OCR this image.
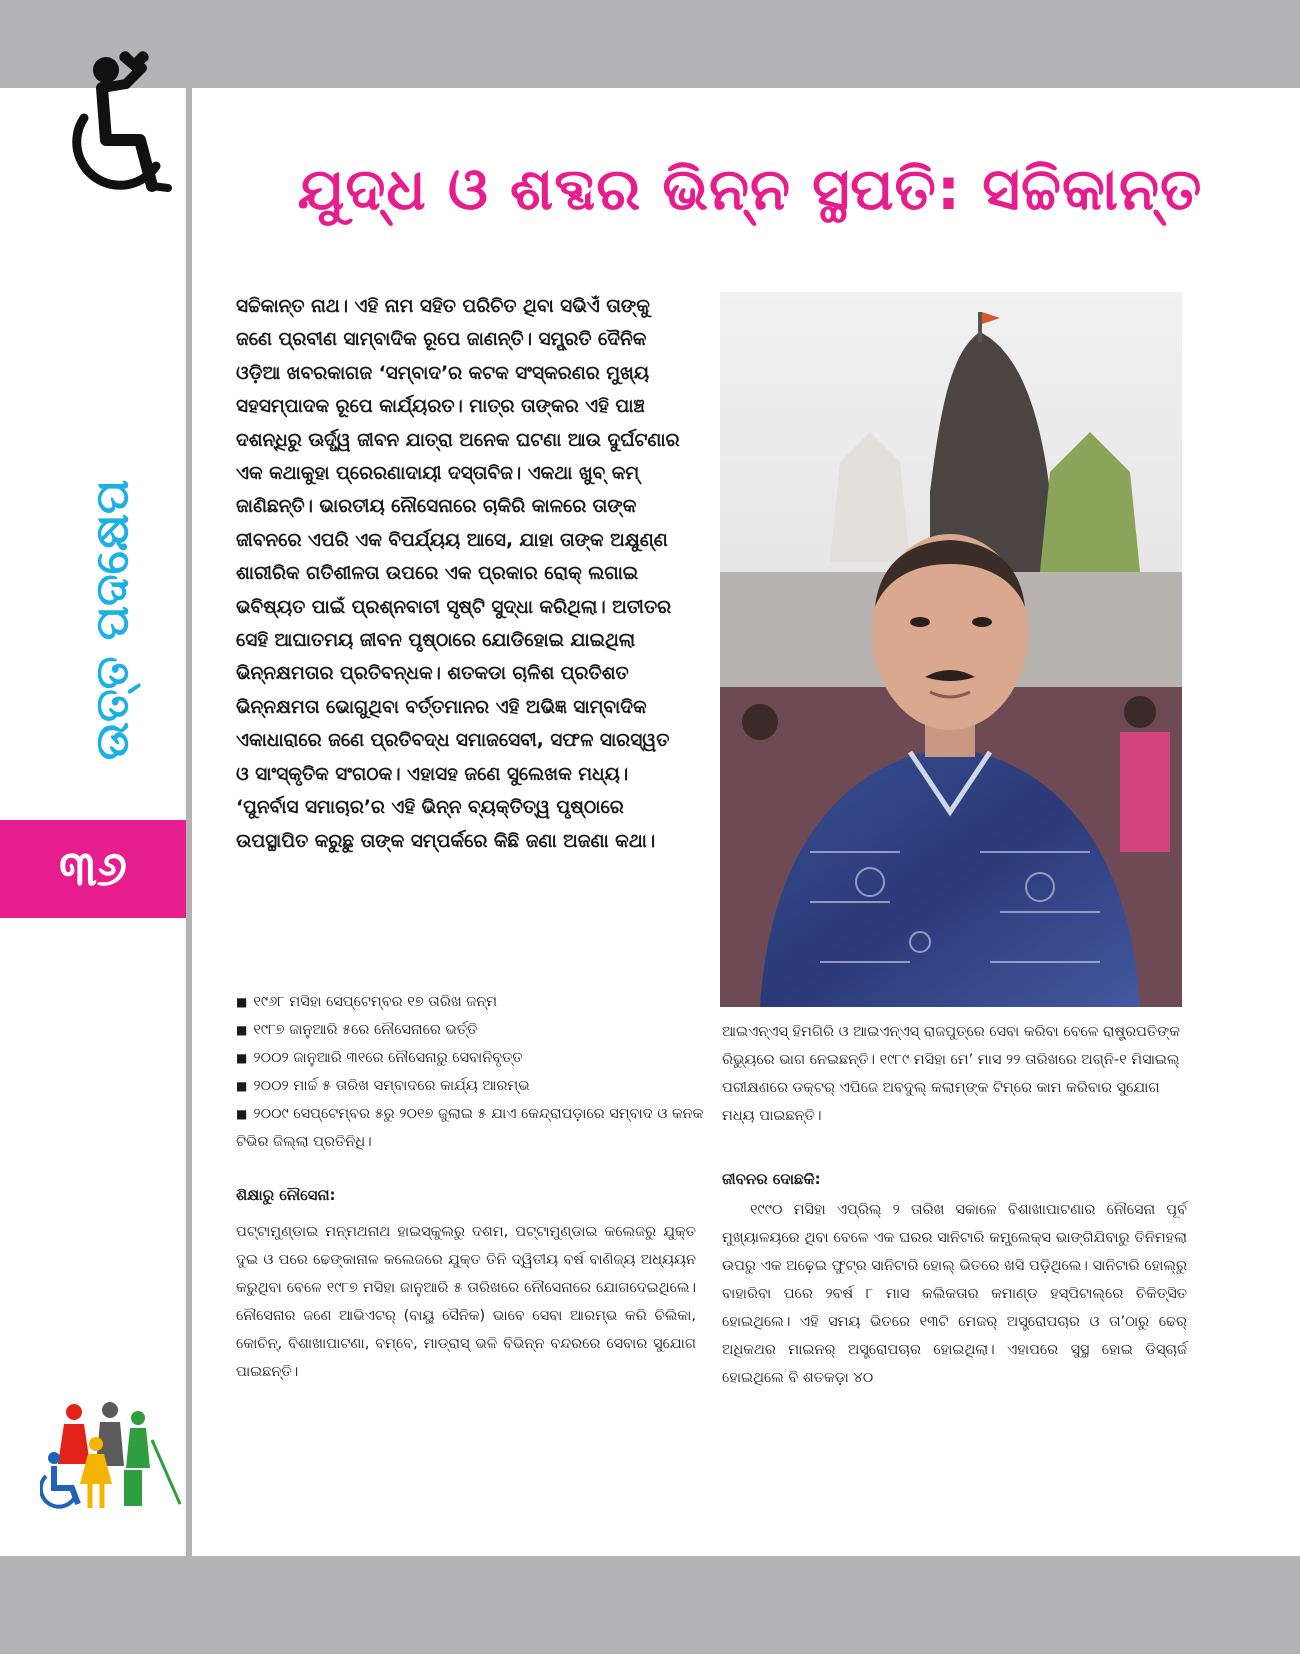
ଉତ୍ତ ପଦକ୍ଷେପ
୩୬
ଯୁଦ୍ଧ ଓ ଶବ୍ଦର ଭିନ୍ନ ସ୍ଥପତି: ସଚ୍ଚିକାନ୍ତ

ସଚ୍ଚିକାନ୍ତ ନାଥ। ଏହି ନାମ ସହିତ ପରିଚିତ ଥିବା ସଭିଏଁ ତାଙ୍କୁ ଜଣେ ପ୍ରବୀଣ ସାମ୍ବାଦିକ ରୂପେ ଜାଣନ୍ତି। ସମ୍ପ୍ରତି ଦୈନିକ ଓଡ଼ିଆ ଖବରକାଗଜ ‘ସମ୍ବାଦ’ର କଟକ ସଂସ୍କରଣର ମୁଖ୍ୟ ସହସମ୍ପାଦକ ରୂପେ କାର୍ଯ୍ୟରତ। ମାତ୍ର ତାଙ୍କର ଏହି ପାଞ୍ଚ ଦଶନ୍ଧିରୁ ଊର୍ଦ୍ଧ୍ୱ ଜୀବନ ଯାତ୍ରା ଅନେକ ଘଟଣା ଆଉ ଦୁର୍ଘଟଣାର ଏକ କଥାକୁହା ପ୍ରେରଣାଦାୟୀ ଦସ୍ତାବିଜ। ଏକଥା ଖୁବ୍ କମ୍ ଜାଣିଛନ୍ତି। ଭାରତୀୟ ନୌସେନାରେ ଚାକିରି କାଳରେ ତାଙ୍କ ଜୀବନରେ ଏପରି ଏକ ବିପର୍ଯ୍ୟୟ ଆସେ, ଯାହା ତାଙ୍କ ଅକ୍ଷୁଣ୍ଣ ଶାରୀରିକ ଗତିଶୀଳତା ଉପରେ ଏକ ପ୍ରକାର ରୋକ୍ ଲଗାଇ ଭବିଷ୍ୟତ ପାଇଁ ପ୍ରଶ୍ନବାଚୀ ସୃଷ୍ଟି ସୁଦ୍ଧା କରିଥିଲା। ଅତୀତର ସେହି ଆଘାତମୟ ଜୀବନ ପୃଷ୍ଠାରେ ଯୋଡିହୋଇ ଯାଇଥିଲା ଭିନ୍ନକ୍ଷମତାର ପ୍ରତିବନ୍ଧକ। ଶତକଡା ଚାଳିଶ ପ୍ରତିଶତ ଭିନ୍ନକ୍ଷମତା ଭୋଗୁଥିବା ବର୍ତ୍ତମାନର ଏହି ଅଭିଜ୍ଞ ସାମ୍ବାଦିକ ଏକାଧାରାରେ ଜଣେ ପ୍ରତିବଦ୍ଧ ସମାଜସେବୀ, ସଫଳ ସାରସ୍ୱତ ଓ ସାଂସ୍କୃତିକ ସଂଗଠକ। ଏହାସହ ଜଣେ ସୁଲେଖକ ମଧ୍ୟ। ‘ପୁନର୍ବାସ ସମାଚାର’ର ଏହି ଭିନ୍ନ ବ୍ୟକ୍ତିତ୍ୱ ପୃଷ୍ଠାରେ ଉପସ୍ଥାପିତ କରୁଛୁ ତାଙ୍କ ସମ୍ପର୍କରେ କିଛି ଜଣା ଅଜଣା କଥା।

ଆଇଏନ୍‌ଏସ୍ ହିମଗିରି ଓ ଆଇଏନ୍‌ଏସ୍ ରାଜପୁତ୍‌ରେ ସେବା କରିବା ବେଳେ ରାଷ୍ଟ୍ରପତିଙ୍କ ରିଭ୍ୟୁରେ ଭାଗ ନେଇଛନ୍ତି। ୧୯୮୯ ମସିହା ମେ’ ମାସ ୨୨ ତାରିଖରେ ଅଗ୍ନି-୧ ମିସାଇଲ୍ ପରୀକ୍ଷଣରେ ଡକ୍ଟର୍ ଏପିଜେ ଅବଦୁଲ୍ କଲାମ୍‌ଙ୍କ ଟିମ୍‌ରେ କାମ କରିବାର ସୁଯୋଗ ମଧ୍ୟ ପାଇଛନ୍ତି।

■ ୧୯୬୮ ମସିହା ସେପ୍ଟେମ୍ବର ୧୭ ତାରିଖ ଜନ୍ମ
■ ୧୯୮୭ ଜାନୁଆରି ୫ରେ ନୌସେନାରେ ଭର୍ତ୍ତି
■ ୨୦୦୨ ଜାନୁଆରି ୩୧ରେ ନୌସେନାରୁ ସେବାନିବୃତ୍ତ
■ ୨୦୦୨ ମାର୍ଚ୍ଚ ୫ ତାରିଖ ସମ୍ବାଦରେ କାର୍ଯ୍ୟ ଆରମ୍ଭ
■ ୨୦୦୯ ସେପ୍ଟେମ୍ବର ୫ରୁ ୨୦୧୭ ଜୁଲାଇ ୫ ଯାଏ କେନ୍ଦ୍ରାପଡ଼ାରେ ସମ୍ବାଦ ଓ କନକ ଟିଭିର ଜିଲ୍ଲା ପ୍ରତିନିଧି।
ଶିକ୍ଷାରୁ ନୌସେନା:

ପଟ୍ଟାମୁଣ୍ଡାଇ ମନ୍ମଥନାଥ ହାଇସ୍କୁଲରୁ ଦଶମ, ପଟ୍ଟାମୁଣ୍ଡାଇ କଲେଜରୁ ଯୁକ୍ତ ଦୁଇ ଓ ପରେ ଢେଙ୍କାନାଳ କଲେଜରେ ଯୁକ୍ତ ତିନି ଦ୍ୱିତୀୟ ବର୍ଷ ବାଣିଜ୍ୟ ଅଧ୍ୟୟନ କରୁଥିବା ବେଳେ ୧୯୮୭ ମସିହା ଜାନୁଆରି ୫ ତାରିଖରେ ନୌସେନାରେ ଯୋଗଦେଇଥିଲେ। ନୌସେନାର ଜଣେ ଆଭିଏଟର୍ (ବାୟୁ ସୈନିକ) ଭାବେ ସେବା ଆରମ୍ଭ କରି ଚିଲିକା, କୋଚିନ୍, ବିଶାଖାପାଟଣା, ବମ୍ବେ, ମାଡ୍ରାସ୍ ଭଳି ବିଭିନ୍ନ ବନ୍ଦରରେ ସେବାର ସୁଯୋଗ ପାଇଛନ୍ତି।

ଜୀବନର ଦୋଛକି:

୧୯୯୦ ମସିହା ଏପ୍ରିଲ୍ ୨ ତାରିଖ ସକାଳେ ବିଶାଖାପାଟଣାର ନୌସେନା ପୂର୍ବ ମୁଖ୍ୟାଳୟରେ ଥିବା ବେଳେ ଏକ ଘରର ସାନିଟାରି କମ୍ପ୍ଲେକ୍ସ ଭାଙ୍ଗିଯିବାରୁ ତିନିମହଲା ଉପରୁ ଏକ ଅଢ଼େଇ ଫୁଟ୍‌ର ସାନିଟାରି ହୋଲ୍ ଭିତରେ ଖସି ପଡ଼ିଥିଲେ। ସାନିଟାରି ହୋଲ୍‌ରୁ ବାହାରିବା ପରେ ୨ବର୍ଷ ୮ ମାସ କଲିକତାର କମାଣ୍ଡ ହସ୍‌ପିଟାଲ୍‌ରେ ଚିକିତ୍ସିତ ହୋଇଥିଲେ। ଏହି ସମୟ ଭିତରେ ୧୩ଟି ମେଜର୍ ଅସ୍ତ୍ରୋପଚାର ଓ ତା’ଠାରୁ ଢେର୍ ଅଧିକଥର ମାଇନର୍ ଅସ୍ତ୍ରୋପଚାର ହୋଇଥିଲା। ଏହାପରେ ସୁସ୍ଥ ହୋଇ ଡିସ୍‌ଚାର୍ଜ ହୋଇଥିଲେ ବି ଶତକଡ଼ା ୪୦
